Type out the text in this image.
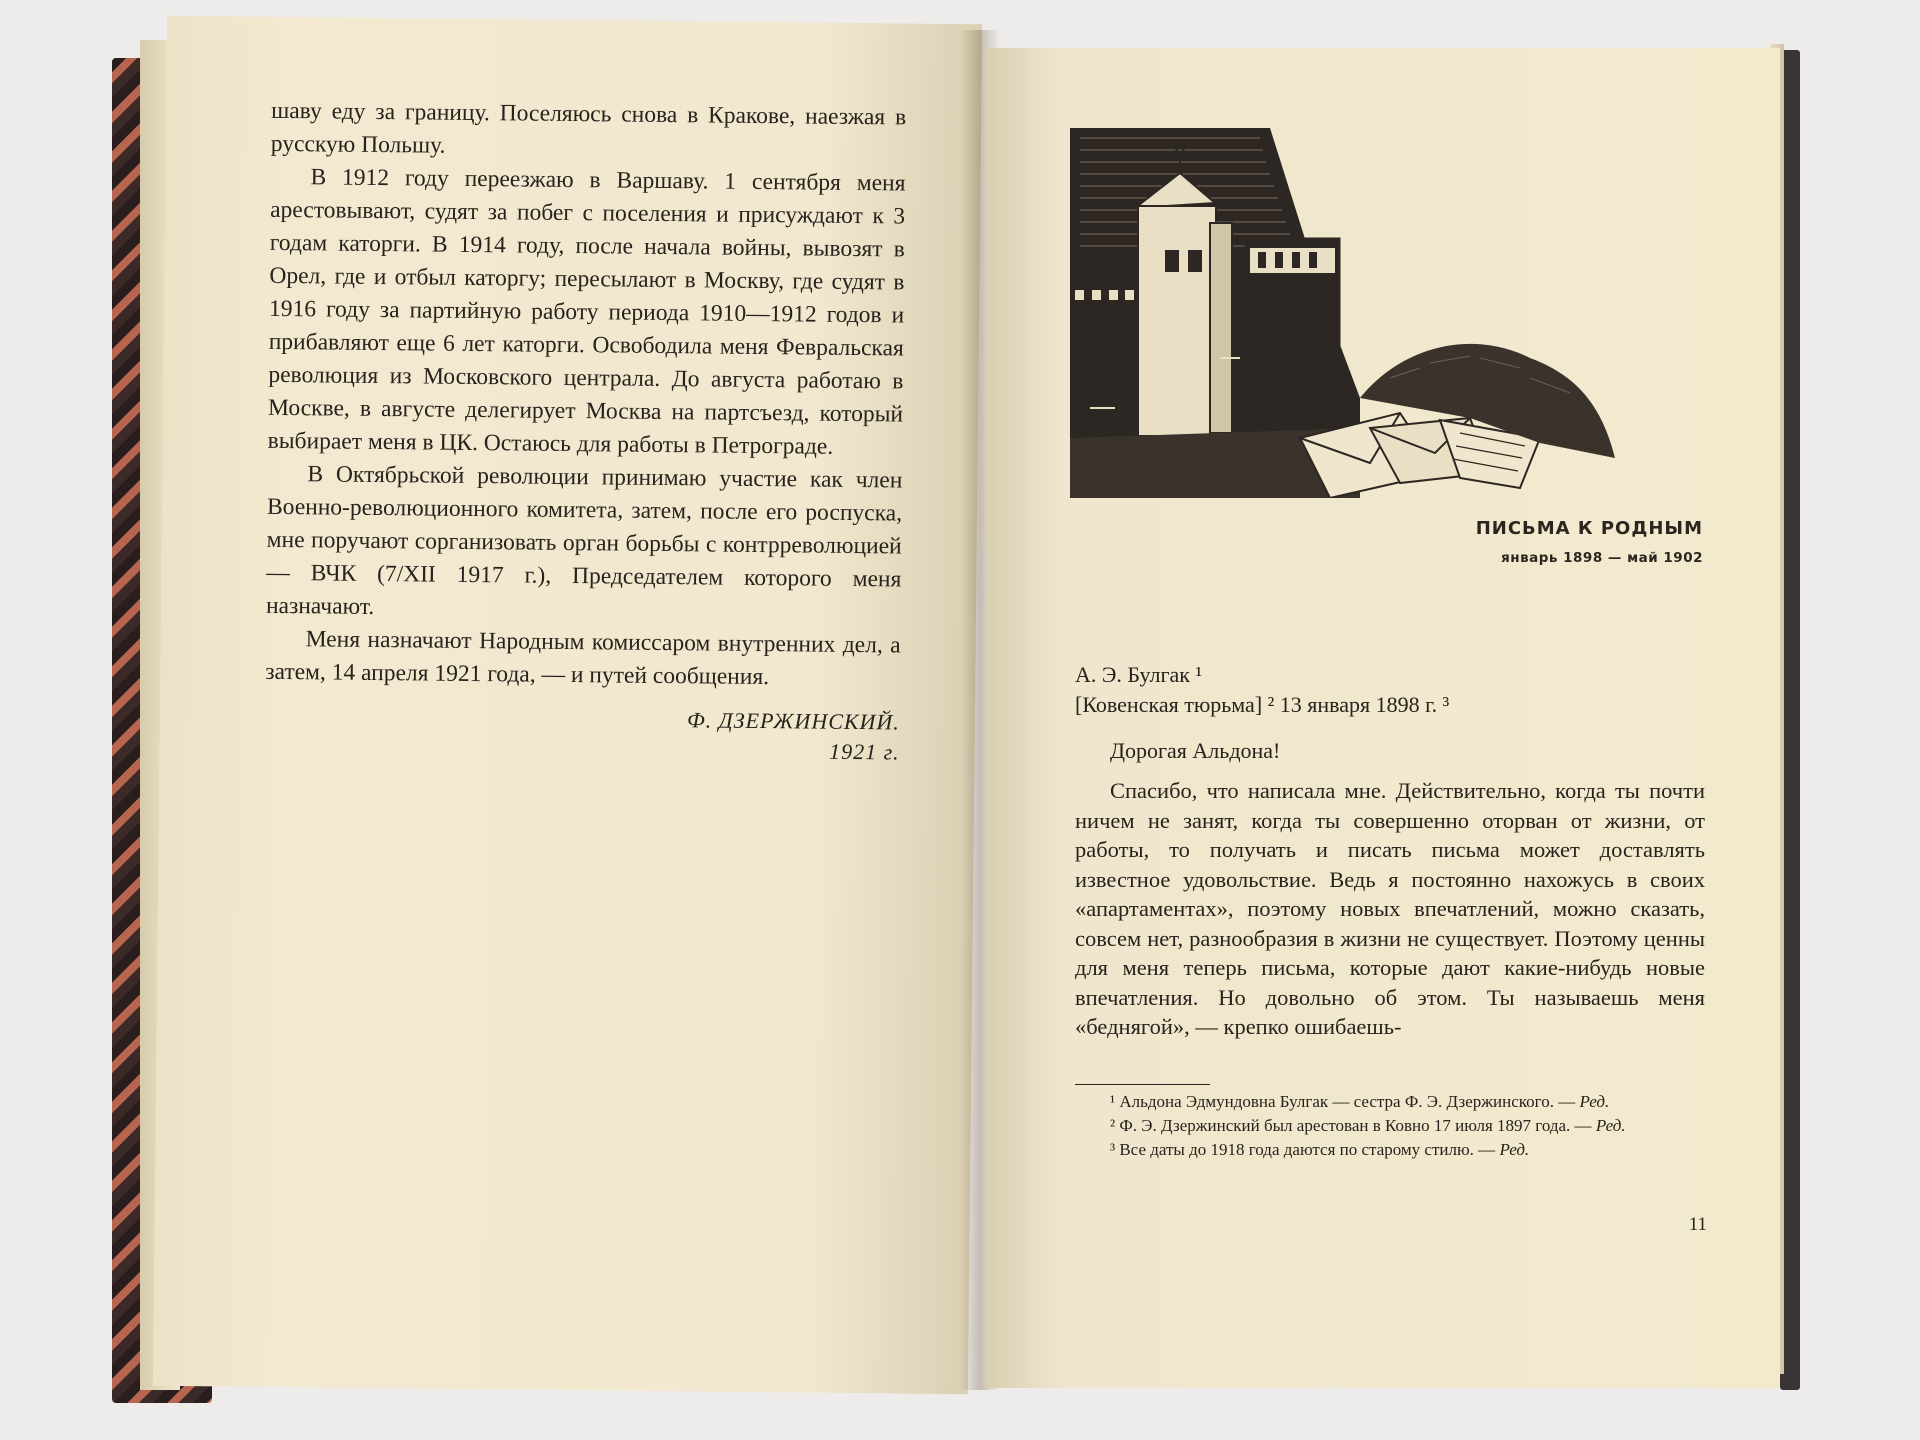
шаву еду за границу. Поселяюсь снова в Кракове, наезжая в русскую Польшу.

В 1912 году переезжаю в Варшаву. 1 сентября меня арестовывают, судят за побег с поселения и присуждают к 3 годам каторги. В 1914 году, после начала войны, вывозят в Орел, где и отбыл каторгу; пересылают в Москву, где судят в 1916 году за партийную работу периода 1910—1912 годов и прибавляют еще 6 лет каторги. Освободила меня Февральская революция из Московского централа. До августа работаю в Москве, в августе делегирует Москва на партсъезд, который выбирает меня в ЦК. Остаюсь для работы в Петрограде.

В Октябрьской революции принимаю участие как член Военно-революционного комитета, затем, после его роспуска, мне поручают сорганизовать орган борьбы с контрреволюцией — ВЧК (7/XII 1917 г.), Председателем которого меня назначают.

Меня назначают Народным комиссаром внутренних дел, а затем, 14 апреля 1921 года, — и путей сообщения.

Ф. ДЗЕРЖИНСКИЙ.
1921 г.
ПИСЬМА К РОДНЫМ
январь 1898 — май 1902
А. Э. Булгак ¹
[Ковенская тюрьма] ² 13 января 1898 г. ³
Дорогая Альдона!

Спасибо, что написала мне. Действительно, когда ты почти ничем не занят, когда ты совершенно оторван от жизни, от работы, то получать и писать письма может доставлять известное удовольствие. Ведь я постоянно нахожусь в своих «апартаментах», поэтому новых впечатлений, можно сказать, совсем нет, разнообразия в жизни не существует. Поэтому ценны для меня теперь письма, которые дают какие-нибудь новые впечатления. Но довольно об этом. Ты называешь меня «беднягой», — крепко ошибаешь-

¹ Альдона Эдмундовна Булгак — сестра Ф. Э. Дзержинского. — Ред.

² Ф. Э. Дзержинский был арестован в Ковно 17 июля 1897 года. — Ред.

³ Все даты до 1918 года даются по старому стилю. — Ред.

11
